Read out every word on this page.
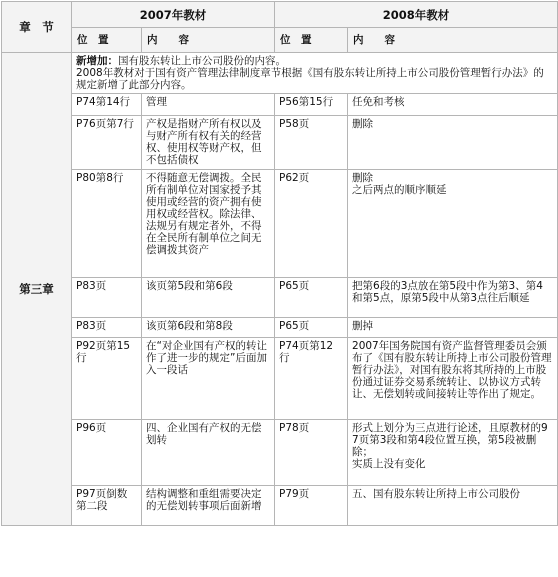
章　节	2007年教材		2008年教材	
	位　置	内　　容	位　置	内　　容
第三章	新增加：国有股东转让上市公司股份的内容。
2008年教材对于国有资产管理法律制度章节根据《国有股东转让所持上市公司股份管理暂行办法》的规定新增了此部分内容。			

	P74第14行	管理	P56第15行	任免和考核
	P76页第7行	产权是指财产所有权以及与财产所有权有关的经营权、使用权等财产权，但不包括债权	P58页	删除
	P80第8行	不得随意无偿调拨。全民所有制单位对国家授予其使用或经营的资产拥有使用权或经营权。除法律、法规另有规定者外，不得在全民所有制单位之间无偿调拨其资产	P62页	删除
之后两点的顺序顺延
	P83页	该页第5段和第6段	P65页	把第6段的3点放在第5段中作为第3、第4和第5点，原第5段中从第3点往后顺延
	P83页	该页第6段和第8段	P65页	删掉
	P92页第15行	在“对企业国有产权的转让作了进一步的规定”后面加入一段话	P74页第12行	2007年国务院国有资产监督管理委员会颁布了《国有股东转让所持上市公司股份管理暂行办法》，对国有股东将其所持的上市股份通过证券交易系统转让、以协议方式转让、无偿划转或间接转让等作出了规定。
	P96页	四、企业国有产权的无偿划转	P78页	形式上划分为三点进行论述，且原教材的97页第3段和第4段位置互换，第5段被删除；
实质上没有变化
	P97页倒数第二段	结构调整和重组需要决定的无偿划转事项后面新增	P79页	五、国有股东转让所持上市公司股份
